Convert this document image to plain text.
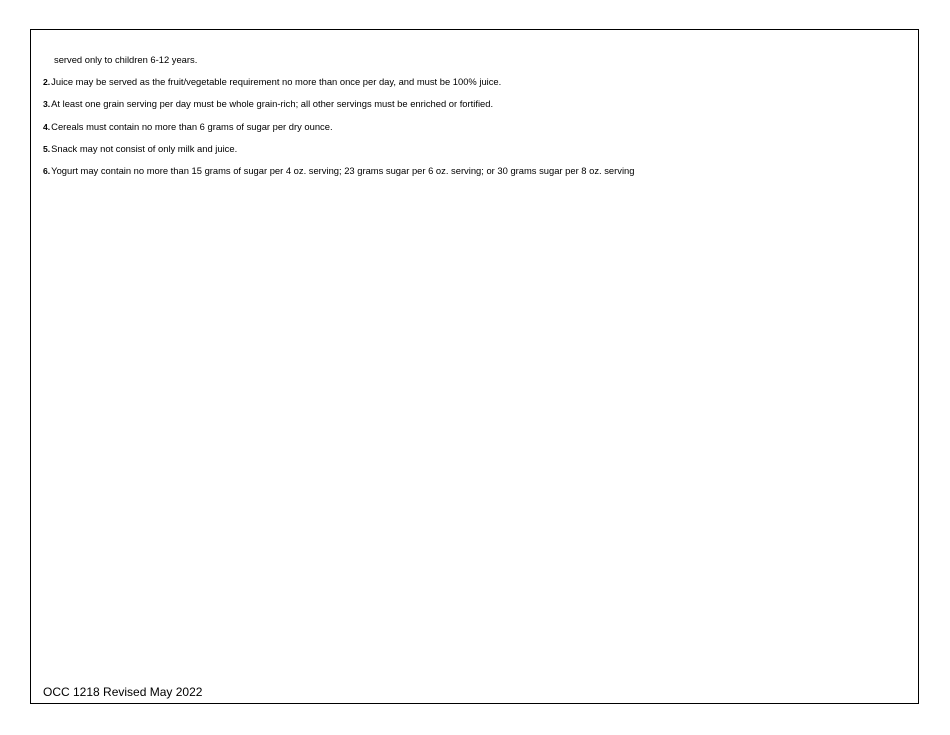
served only to children 6-12 years.
2.Juice may be served as the fruit/vegetable requirement no more than once per day, and must be 100% juice.
3.At least one grain serving per day must be whole grain-rich; all other servings must be enriched or fortified.
4.Cereals must contain no more than 6 grams of sugar per dry ounce.
5.Snack may not consist of only milk and juice.
6.Yogurt may contain no more than 15 grams of sugar per 4 oz. serving; 23 grams sugar per 6 oz. serving; or 30 grams sugar per 8 oz. serving
OCC 1218 Revised May 2022
